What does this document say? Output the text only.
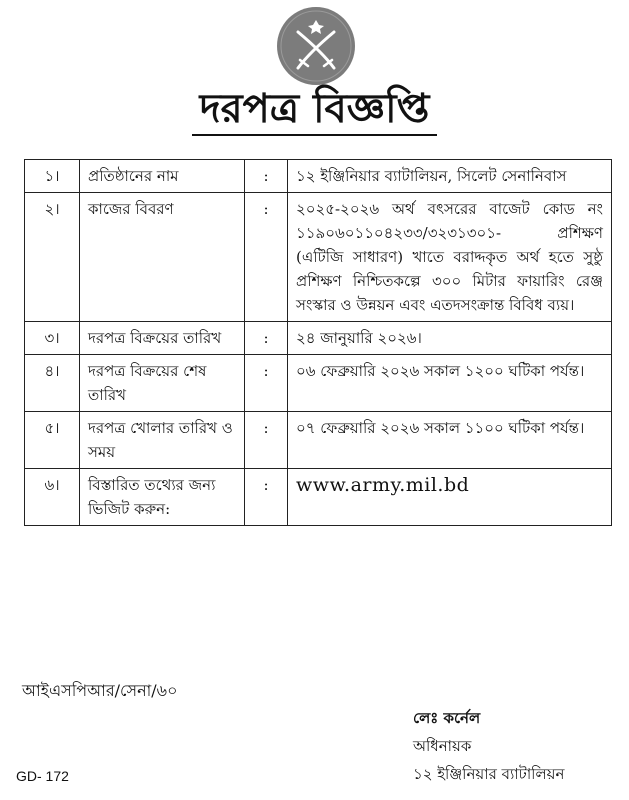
দরপত্র বিজ্ঞপ্তি
১।	প্রতিষ্ঠানের নাম	:	১২ ইঞ্জিনিয়ার ব্যাটালিয়ন, সিলেট সেনানিবাস
২।	কাজের বিবরণ	:	২০২৫-২০২৬ অর্থ বৎসরের বাজেট কোড নং ১১৯০৬০১১০৪২৩৩/৩২৩১৩০১- প্রশিক্ষণ (এটিজি সাধারণ) খাতে বরাদ্দকৃত অর্থ হতে সুষ্ঠু প্রশিক্ষণ নিশ্চিতকল্পে ৩০০ মিটার ফায়ারিং রেঞ্জ সংস্কার ও উন্নয়ন এবং এতদসংক্রান্ত বিবিধ ব্যয়।
৩।	দরপত্র বিক্রয়ের তারিখ	:	২৪ জানুয়ারি ২০২৬।
৪।	দরপত্র বিক্রয়ের শেষ তারিখ	:	০৬ ফেব্রুয়ারি ২০২৬ সকাল ১২০০ ঘটিকা পর্যন্ত।
৫।	দরপত্র খোলার তারিখ ও সময়	:	০৭ ফেব্রুয়ারি ২০২৬ সকাল ১১০০ ঘটিকা পর্যন্ত।
৬।	বিস্তারিত তথ্যের জন্য ভিজিট করুন:	:	www.army.mil.bd
আইএসপিআর/সেনা/৬০
লেঃ কর্নেল
অধিনায়ক
১২ ইঞ্জিনিয়ার ব্যাটালিয়ন
GD- 172
